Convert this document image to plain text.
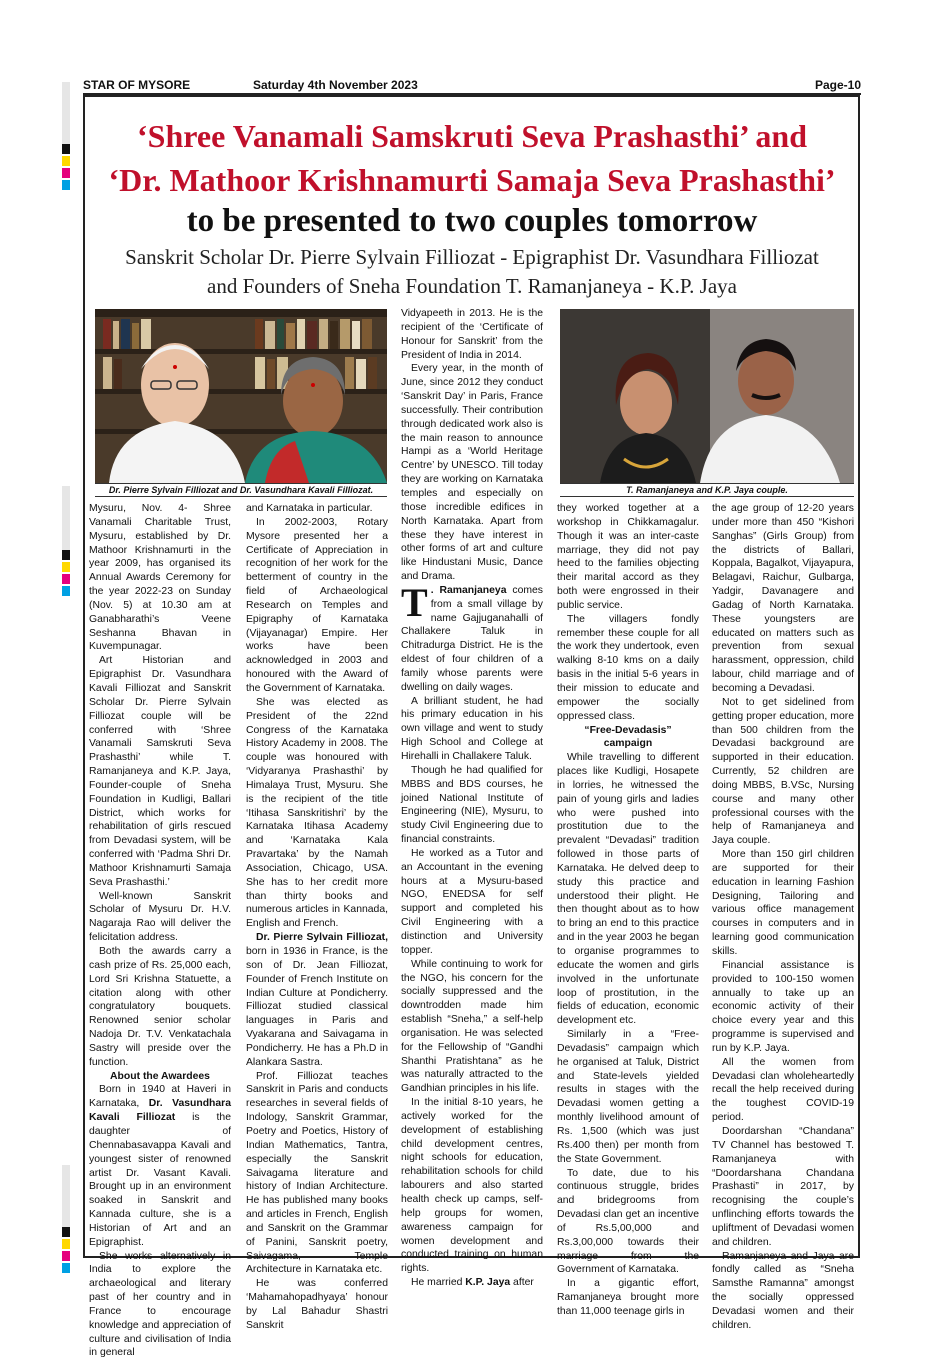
STAR OF MYSORE	Saturday 4th November 2023	Page-10
‘Shree Vanamali Samskruti Seva Prashasthi’ and
‘Dr. Mathoor Krishnamurti Samaja Seva Prashasthi’
to be presented to two couples tomorrow
Sanskrit Scholar Dr. Pierre Sylvain Filliozat - Epigraphist Dr. Vasundhara Filliozat
and Founders of Sneha Foundation T. Ramanjaneya - K.P. Jaya
Dr. Pierre Sylvain Filliozat and Dr. Vasundhara Kavali Filliozat.	T. Ramanjaneya and K.P. Jaya couple.

Mysuru, Nov. 4- Shree Vanamali Charitable Trust, Mysuru, established by Dr. Mathoor Krishnamurti in the year 2009, has organised its Annual Awards Ceremony for the year 2022-23 on Sunday (Nov. 5) at 10.30 am at Ganabharathi’s Veene Seshanna Bhavan in Kuvempunagar.

Art Historian and Epigraphist Dr. Vasundhara Kavali Filliozat and Sanskrit Scholar Dr. Pierre Sylvain Filliozat couple will be conferred with ‘Shree Vanamali Samskruti Seva Prashasthi’ while T. Ramanjaneya and K.P. Jaya, Founder-couple of Sneha Foundation in Kudligi, Ballari District, which works for rehabilitation of girls rescued from Devadasi system, will be conferred with ‘Padma Shri Dr. Mathoor Krishnamurti Samaja Seva Prashasthi.’

Well-known Sanskrit Scholar of Mysuru Dr. H.V. Nagaraja Rao will deliver the felicitation address.

Both the awards carry a cash prize of Rs. 25,000 each, Lord Sri Krishna Statuette, a citation along with other congratulatory bouquets. Renowned senior scholar Nadoja Dr. T.V. Venkatachala Sastry will preside over the function.

About the Awardees

Born in 1940 at Haveri in Karnataka, Dr. Vasundhara Kavali Filliozat is the daughter of Chennabasavappa Kavali and youngest sister of renowned artist Dr. Vasant Kavali. Brought up in an environment soaked in Sanskrit and Kannada culture, she is a Historian of Art and an Epigraphist.

She works alternatively in India to explore the archaeological and literary past of her country and in France to encourage knowledge and appreciation of culture and civilisation of India in general

and Karnataka in particular.

In 2002-2003, Rotary Mysore presented her a Certificate of Appreciation in recognition of her work for the betterment of country in the field of Archaeological Research on Temples and Epigraphy of Karnataka (Vijayanagar) Empire. Her works have been acknowledged in 2003 and honoured with the Award of the Government of Karnataka.

She was elected as President of the 22nd Congress of the Karnataka History Academy in 2008. The couple was honoured with ‘Vidyaranya Prashasthi’ by Himalaya Trust, Mysuru. She is the recipient of the title ‘Itihasa Sanskritishri’ by the Karnataka Itihasa Academy and ‘Karnataka Kala Pravartaka’ by the Namah Association, Chicago, USA. She has to her credit more than thirty books and numerous articles in Kannada, English and French.

Dr. Pierre Sylvain Filliozat, born in 1936 in France, is the son of Dr. Jean Filliozat, Founder of French Institute on Indian Culture at Pondicherry. Filliozat studied classical languages in Paris and Vyakarana and Saivagama in Pondicherry. He has a Ph.D in Alankara Sastra.

Prof. Filliozat teaches Sanskrit in Paris and conducts researches in several fields of Indology, Sanskrit Grammar, Poetry and Poetics, History of Indian Mathematics, Tantra, especially the Sanskrit Saivagama literature and history of Indian Architecture. He has published many books and articles in French, English and Sanskrit on the Grammar of Panini, Sanskrit poetry, Saivagama, Temple Architecture in Karnataka etc.

He was conferred ‘Mahamahopadhyaya’ honour by Lal Bahadur Shastri Sanskrit

Vidyapeeth in 2013. He is the recipient of the ‘Certificate of Honour for Sanskrit’ from the President of India in 2014.

Every year, in the month of June, since 2012 they conduct ‘Sanskrit Day’ in Paris, France successfully. Their contribution through dedicated work also is the main reason to announce Hampi as a ‘World Heritage Centre’ by UNESCO. Till today they are working on Karnataka temples and especially on those incredible edifices in North Karnataka. Apart from these they have interest in other forms of art and culture like Hindustani Music, Dance and Drama.

T . Ramanjaneya comes from a small village by name Gajjuganahalli of Challakere Taluk in Chitradurga District. He is the eldest of four children of a family whose parents were dwelling on daily wages.

A brilliant student, he had his primary education in his own village and went to study High School and College at Hirehalli in Challakere Taluk.

Though he had qualified for MBBS and BDS courses, he joined National Institute of Engineering (NIE), Mysuru, to study Civil Engineering due to financial constraints.

He worked as a Tutor and an Accountant in the evening hours at a Mysuru-based NGO, ENEDSA for self support and completed his Civil Engineering with a distinction and University topper.

While continuing to work for the NGO, his concern for the socially suppressed and the downtrodden made him establish “Sneha,” a self-help organisation. He was selected for the Fellowship of “Gandhi Shanthi Pratishtana” as he was naturally attracted to the Gandhian principles in his life.

In the initial 8-10 years, he actively worked for the development of establishing child development centres, night schools for education, rehabilitation schools for child labourers and also started health check up camps, self-help groups for women, awareness campaign for women development and conducted training on human rights.

He married K.P. Jaya after

they worked together at a workshop in Chikkamagalur. Though it was an inter-caste marriage, they did not pay heed to the families objecting their marital accord as they both were engrossed in their public service.

The villagers fondly remember these couple for all the work they undertook, even walking 8-10 kms on a daily basis in the initial 5-6 years in their mission to educate and empower the socially oppressed class.

“Free-Devadasis”

campaign

While travelling to different places like Kudligi, Hosapete in lorries, he witnessed the pain of young girls and ladies who were pushed into prostitution due to the prevalent “Devadasi” tradition followed in those parts of Karnataka. He delved deep to study this practice and understood their plight. He then thought about as to how to bring an end to this practice and in the year 2003 he began to organise programmes to educate the women and girls involved in the unfortunate loop of prostitution, in the fields of education, economic development etc.

Similarly in a “Free-Devadasis” campaign which he organised at Taluk, District and State-levels yielded results in stages with the Devadasi women getting a monthly livelihood amount of Rs. 1,500 (which was just Rs.400 then) per month from the State Government.

To date, due to his continuous struggle, brides and bridegrooms from Devadasi clan get an incentive of Rs.5,00,000 and Rs.3,00,000 towards their marriage from the Government of Karnataka.

In a gigantic effort, Ramanjaneya brought more than 11,000 teenage girls in

the age group of 12-20 years under more than 450 “Kishori Sanghas” (Girls Group) from the districts of Ballari, Koppala, Bagalkot, Vijayapura, Belagavi, Raichur, Gulbarga, Yadgir, Davanagere and Gadag of North Karnataka. These youngsters are educated on matters such as prevention from sexual harassment, oppression, child labour, child marriage and of becoming a Devadasi.

Not to get sidelined from getting proper education, more than 500 children from the Devadasi background are supported in their education. Currently, 52 children are doing MBBS, B.VSc, Nursing course and many other professional courses with the help of Ramanjaneya and Jaya couple.

More than 150 girl children are supported for their education in learning Fashion Designing, Tailoring and various office management courses in computers and in learning good communication skills.

Financial assistance is provided to 100-150 women annually to take up an economic activity of their choice every year and this programme is supervised and run by K.P. Jaya.

All the women from Devadasi clan wholeheartedly recall the help received during the toughest COVID-19 period.

Doordarshan “Chandana” TV Channel has bestowed T. Ramanjaneya with “Doordarshana Chandana Prashasti” in 2017, by recognising the couple’s unflinching efforts towards the upliftment of Devadasi women and children.

Ramanjaneya and Jaya are fondly called as “Sneha Samsthe Ramanna” amongst the socially oppressed Devadasi women and their children.
